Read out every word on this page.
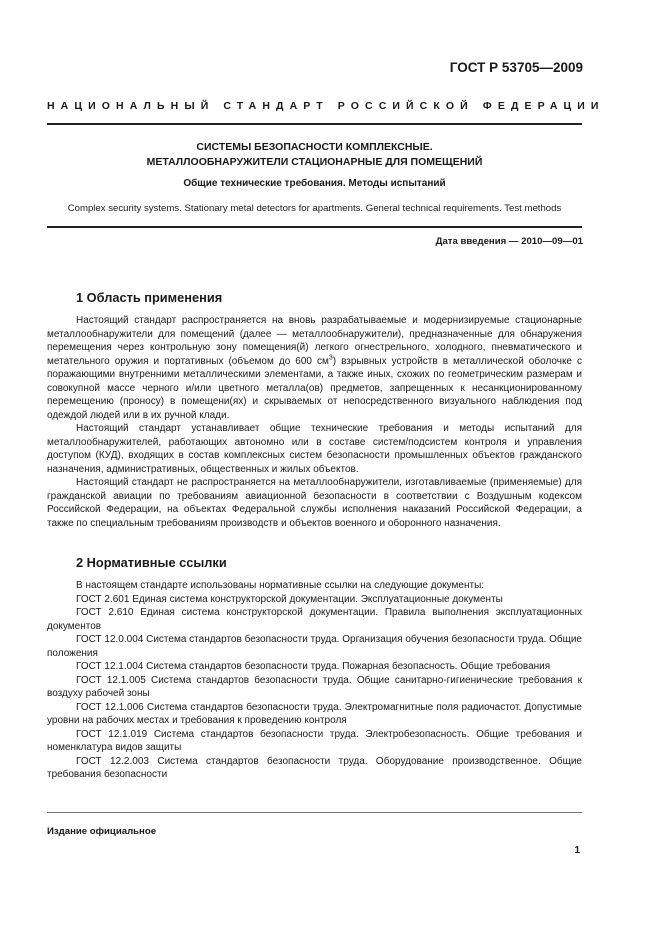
ГОСТ Р 53705—2009
НАЦИОНАЛЬНЫЙ СТАНДАРТ РОССИЙСКОЙ ФЕДЕРАЦИИ
СИСТЕМЫ БЕЗОПАСНОСТИ КОМПЛЕКСНЫЕ.
МЕТАЛЛООБНАРУЖИТЕЛИ СТАЦИОНАРНЫЕ ДЛЯ ПОМЕЩЕНИЙ
Общие технические требования. Методы испытаний
Complex security systems. Stationary metal detectors for apartments. General technical requirements. Test methods
Дата введения — 2010—09—01
1 Область применения

Настоящий стандарт распространяется на вновь разрабатываемые и модернизируемые стационарные металлообнаружители для помещений (далее — металлообнаружители), предназначенные для обнаружения перемещения через контрольную зону помещения(й) легкого огнестрельного, холодного, пневматического и метательного оружия и портативных (объемом до 600 $см^3$) взрывных устройств в металлической оболочке с поражающими внутренними металлическими элементами, а также иных, схожих по геометрическим размерам и совокупной массе черного и/или цветного металла(ов) предметов, запрещенных к несанкционированному перемещению (проносу) в помещени(ях) и скрываемых от непосредственного визуального наблюдения под одеждой людей или в их ручной клади.

Настоящий стандарт устанавливает общие технические требования и методы испытаний для металлообнаружителей, работающих автономно или в составе систем/подсистем контроля и управления доступом (КУД), входящих в состав комплексных систем безопасности промышленных объектов гражданского назначения, административных, общественных и жилых объектов.

Настоящий стандарт не распространяется на металлообнаружители, изготавливаемые (применяемые) для гражданской авиации по требованиям авиационной безопасности в соответствии с Воздушным кодексом Российской Федерации, на объектах Федеральной службы исполнения наказаний Российской Федерации, а также по специальным требованиям производств и объектов военного и оборонного назначения.

2 Нормативные ссылки

В настоящем стандарте использованы нормативные ссылки на следующие документы:

ГОСТ 2.601 Единая система конструкторской документации. Эксплуатационные документы

ГОСТ 2.610 Единая система конструкторской документации. Правила выполнения эксплуатационных документов

ГОСТ 12.0.004 Система стандартов безопасности труда. Организация обучения безопасности труда. Общие положения

ГОСТ 12.1.004 Система стандартов безопасности труда. Пожарная безопасность. Общие требования

ГОСТ 12.1.005 Система стандартов безопасности труда. Общие санитарно-гигиенические требования к воздуху рабочей зоны

ГОСТ 12.1.006 Система стандартов безопасности труда. Электромагнитные поля радиочастот. Допустимые уровни на рабочих местах и требования к проведению контроля

ГОСТ 12.1.019 Система стандартов безопасности труда. Электробезопасность. Общие требования и номенклатура видов защиты

ГОСТ 12.2.003 Система стандартов безопасности труда. Оборудование производственное. Общие требования безопасности

Издание официальное
1
